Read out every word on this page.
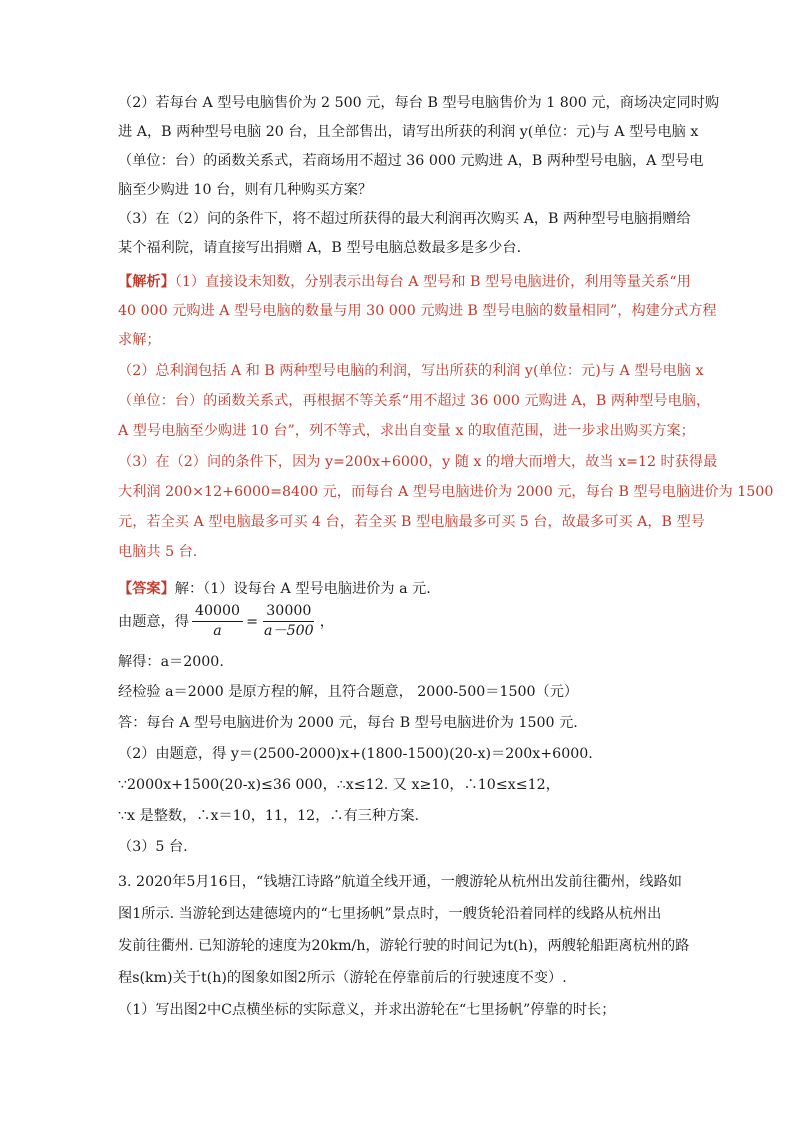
（2）若每台 A 型号电脑售价为 2 500 元，每台 B 型号电脑售价为 1 800 元，商场决定同时购
进 A，B 两种型号电脑 20 台，且全部售出，请写出所获的利润 y(单位：元)与 A 型号电脑 x
（单位：台）的函数关系式，若商场用不超过 36 000 元购进 A，B 两种型号电脑，A 型号电
脑至少购进 10 台，则有几种购买方案？
（3）在（2）问的条件下，将不超过所获得的最大利润再次购买 A，B 两种型号电脑捐赠给
某个福利院，请直接写出捐赠 A，B 型号电脑总数最多是多少台.
【解析】（1）直接设未知数，分别表示出每台 A 型号和 B 型号电脑进价，利用等量关系“用
40 000 元购进 A 型号电脑的数量与用 30 000 元购进 B 型号电脑的数量相同”，构建分式方程
求解；
（2）总利润包括 A 和 B 两种型号电脑的利润，写出所获的利润 y(单位：元)与 A 型号电脑 x
（单位：台）的函数关系式，再根据不等关系“用不超过 36 000 元购进 A，B 两种型号电脑，
A 型号电脑至少购进 10 台”，列不等式，求出自变量 x 的取值范围，进一步求出购买方案；
（3）在（2）问的条件下，因为 y=200x+6000，y 随 x 的增大而增大，故当 x=12 时获得最
大利润 200×12+6000=8400 元，而每台 A 型号电脑进价为 2000 元，每台 B 型号电脑进价为 1500
元，若全买 A 型电脑最多可买 4 台，若全买 B 型电脑最多可买 5 台，故最多可买 A，B 型号
电脑共 5 台.
【答案】解：（1）设每台 A 型号电脑进价为 a 元.
由题意，得 $\frac{40000}{a} = \frac{30000}{a-500}$ ，
解得：a＝2000.
经检验 a＝2000 是原方程的解，且符合题意， 2000-500＝1500（元）
答：每台 A 型号电脑进价为 2000 元，每台 B 型号电脑进价为 1500 元.
（2）由题意，得 y＝(2500-2000)x+(1800-1500)(20-x)＝200x+6000.
∵2000x+1500(20-x)≤36 000，∴x≤12. 又 x≥10，∴10≤x≤12，
∵x 是整数，∴x＝10，11，12，∴有三种方案.
（3）5 台.
3. 2020年5月16日，“钱塘江诗路”航道全线开通，一艘游轮从杭州出发前往衢州，线路如
图1所示. 当游轮到达建德境内的“七里扬帆”景点时，一艘货轮沿着同样的线路从杭州出
发前往衢州. 已知游轮的速度为20km/h，游轮行驶的时间记为t(h)，两艘轮船距离杭州的路
程s(km)关于t(h)的图象如图2所示（游轮在停靠前后的行驶速度不变）.
（1）写出图2中C点横坐标的实际意义，并求出游轮在“七里扬帆”停靠的时长；
